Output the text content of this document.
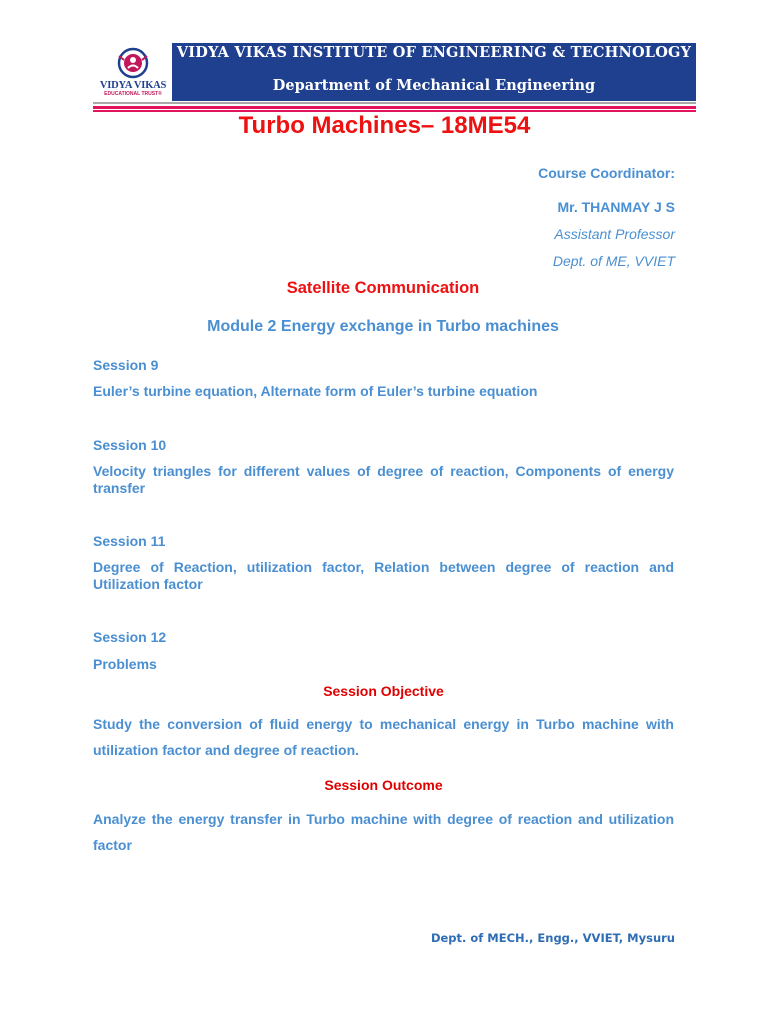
VIDYA VIKAS
EDUCATIONAL TRUST®
VIDYA VIKAS INSTITUTE OF ENGINEERING & TECHNOLOGY
Department of Mechanical Engineering
Turbo Machines– 18ME54
Course Coordinator:
Mr. THANMAY J S
Assistant Professor
Dept. of ME, VVIET
Satellite Communication
Module 2 Energy exchange in Turbo machines
Session 9
Euler’s turbine equation, Alternate form of Euler’s turbine equation
Session 10
Velocity triangles for different values of degree of reaction, Components of energy transfer
Session 11
Degree of Reaction, utilization factor, Relation between degree of reaction and Utilization factor
Session 12
Problems
Session Objective
Study the conversion of fluid energy to mechanical energy in Turbo machine with utilization factor and degree of reaction.
Session Outcome
Analyze the energy transfer in Turbo machine with degree of reaction and utilization factor
Dept. of MECH., Engg., VVIET, Mysuru
